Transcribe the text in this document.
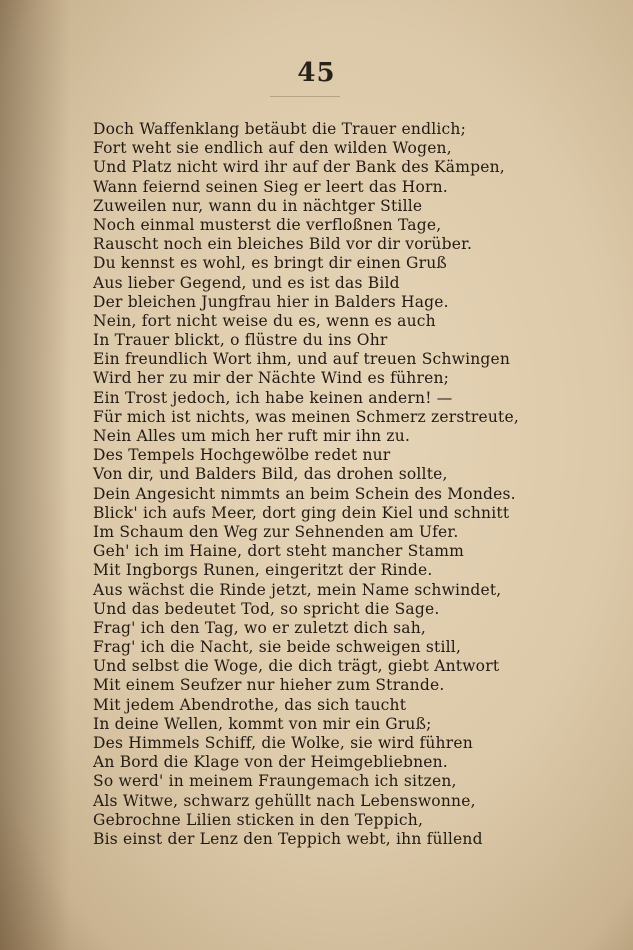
45
Doch Waffenklang betäubt die Trauer endlich;
Fort weht sie endlich auf den wilden Wogen,
Und Platz nicht wird ihr auf der Bank des Kämpen,
Wann feiernd seinen Sieg er leert das Horn.
Zuweilen nur, wann du in nächtger Stille
Noch einmal musterst die verfloßnen Tage,
Rauscht noch ein bleiches Bild vor dir vorüber.
Du kennst es wohl, es bringt dir einen Gruß
Aus lieber Gegend, und es ist das Bild
Der bleichen Jungfrau hier in Balders Hage.
Nein, fort nicht weise du es, wenn es auch
In Trauer blickt, o flüstre du ins Ohr
Ein freundlich Wort ihm, und auf treuen Schwingen
Wird her zu mir der Nächte Wind es führen;
Ein Trost jedoch, ich habe keinen andern! —
Für mich ist nichts, was meinen Schmerz zerstreute,
Nein Alles um mich her ruft mir ihn zu.
Des Tempels Hochgewölbe redet nur
Von dir, und Balders Bild, das drohen sollte,
Dein Angesicht nimmts an beim Schein des Mondes.
Blick' ich aufs Meer, dort ging dein Kiel und schnitt
Im Schaum den Weg zur Sehnenden am Ufer.
Geh' ich im Haine, dort steht mancher Stamm
Mit Ingborgs Runen, eingeritzt der Rinde.
Aus wächst die Rinde jetzt, mein Name schwindet,
Und das bedeutet Tod, so spricht die Sage.
Frag' ich den Tag, wo er zuletzt dich sah,
Frag' ich die Nacht, sie beide schweigen still,
Und selbst die Woge, die dich trägt, giebt Antwort
Mit einem Seufzer nur hieher zum Strande.
Mit jedem Abendrothe, das sich taucht
In deine Wellen, kommt von mir ein Gruß;
Des Himmels Schiff, die Wolke, sie wird führen
An Bord die Klage von der Heimgebliebnen.
So werd' in meinem Fraungemach ich sitzen,
Als Witwe, schwarz gehüllt nach Lebenswonne,
Gebrochne Lilien sticken in den Teppich,
Bis einst der Lenz den Teppich webt, ihn füllend
